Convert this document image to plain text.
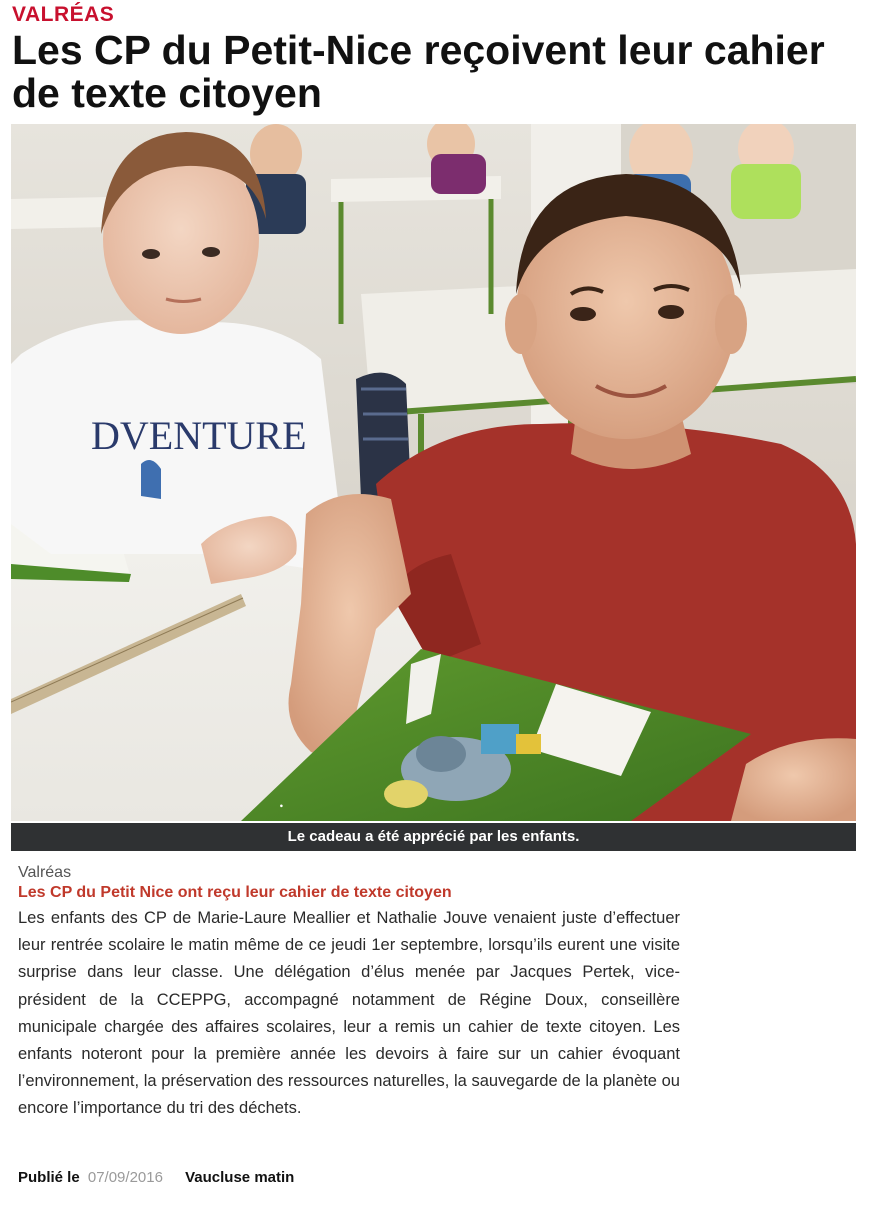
VALRÉAS
Les CP du Petit-Nice reçoivent leur cahier de texte citoyen
DVENTURE
·
Le cadeau a été apprécié par les enfants.
Valréas
Les CP du Petit Nice ont reçu leur cahier de texte citoyen

Les enfants des CP de Marie-Laure Meallier et Nathalie Jouve venaient juste d’effectuer leur rentrée scolaire le matin même de ce jeudi 1er septembre, lorsqu’ils eurent une visite surprise dans leur classe. Une délégation d’élus menée par Jacques Pertek, vice-président de la CCEPPG, accompagné notamment de Régine Doux, conseillère municipale chargée des affaires scolaires, leur a remis un cahier de texte citoyen. Les enfants noteront pour la première année les devoirs à faire sur un cahier évoquant l’environnement, la préservation des ressources naturelles, la sauvegarde de la planète ou encore l’importance du tri des déchets.

Publié le 07/09/2016 Vaucluse matin
